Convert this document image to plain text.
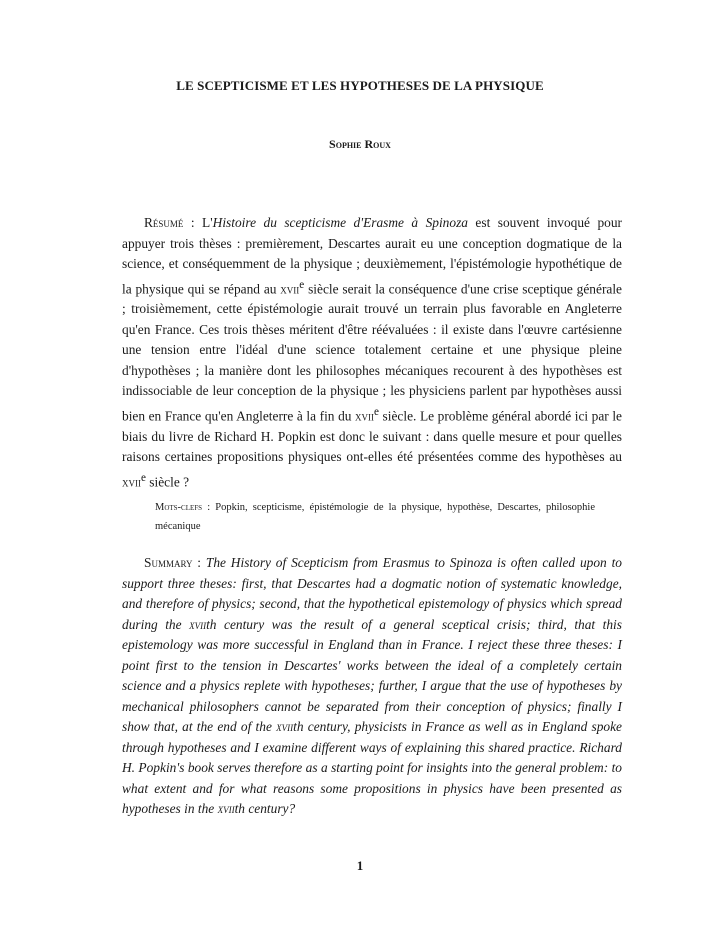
LE SCEPTICISME ET LES HYPOTHESES DE LA PHYSIQUE
Sophie Roux

Résumé : L'Histoire du scepticisme d'Erasme à Spinoza est souvent invoqué pour appuyer trois thèses : premièrement, Descartes aurait eu une conception dogmatique de la science, et conséquemment de la physique ; deuxièmement, l'épistémologie hypothétique de la physique qui se répand au xvii$^e$ siècle serait la conséquence d'une crise sceptique générale ; troisièmement, cette épistémologie aurait trouvé un terrain plus favorable en Angleterre qu'en France. Ces trois thèses méritent d'être réévaluées : il existe dans l'œuvre cartésienne une tension entre l'idéal d'une science totalement certaine et une physique pleine d'hypothèses ; la manière dont les philosophes mécaniques recourent à des hypothèses est indissociable de leur conception de la physique ; les physiciens parlent par hypothèses aussi bien en France qu'en Angleterre à la fin du xvii$^e$ siècle. Le problème général abordé ici par le biais du livre de Richard H. Popkin est donc le suivant : dans quelle mesure et pour quelles raisons certaines propositions physiques ont-elles été présentées comme des hypothèses au xvii$^e$ siècle ?

Mots-clefs : Popkin, scepticisme, épistémologie de la physique, hypothèse, Descartes, philosophie mécanique

Summary : The History of Scepticism from Erasmus to Spinoza is often called upon to support three theses: first, that Descartes had a dogmatic notion of systematic knowledge, and therefore of physics; second, that the hypothetical epistemology of physics which spread during the xviith century was the result of a general sceptical crisis; third, that this epistemology was more successful in England than in France. I reject these three theses: I point first to the tension in Descartes' works between the ideal of a completely certain science and a physics replete with hypotheses; further, I argue that the use of hypotheses by mechanical philosophers cannot be separated from their conception of physics; finally I show that, at the end of the xviith century, physicists in France as well as in England spoke through hypotheses and I examine different ways of explaining this shared practice. Richard H. Popkin's book serves therefore as a starting point for insights into the general problem: to what extent and for what reasons some propositions in physics have been presented as hypotheses in the xviith century?

1
